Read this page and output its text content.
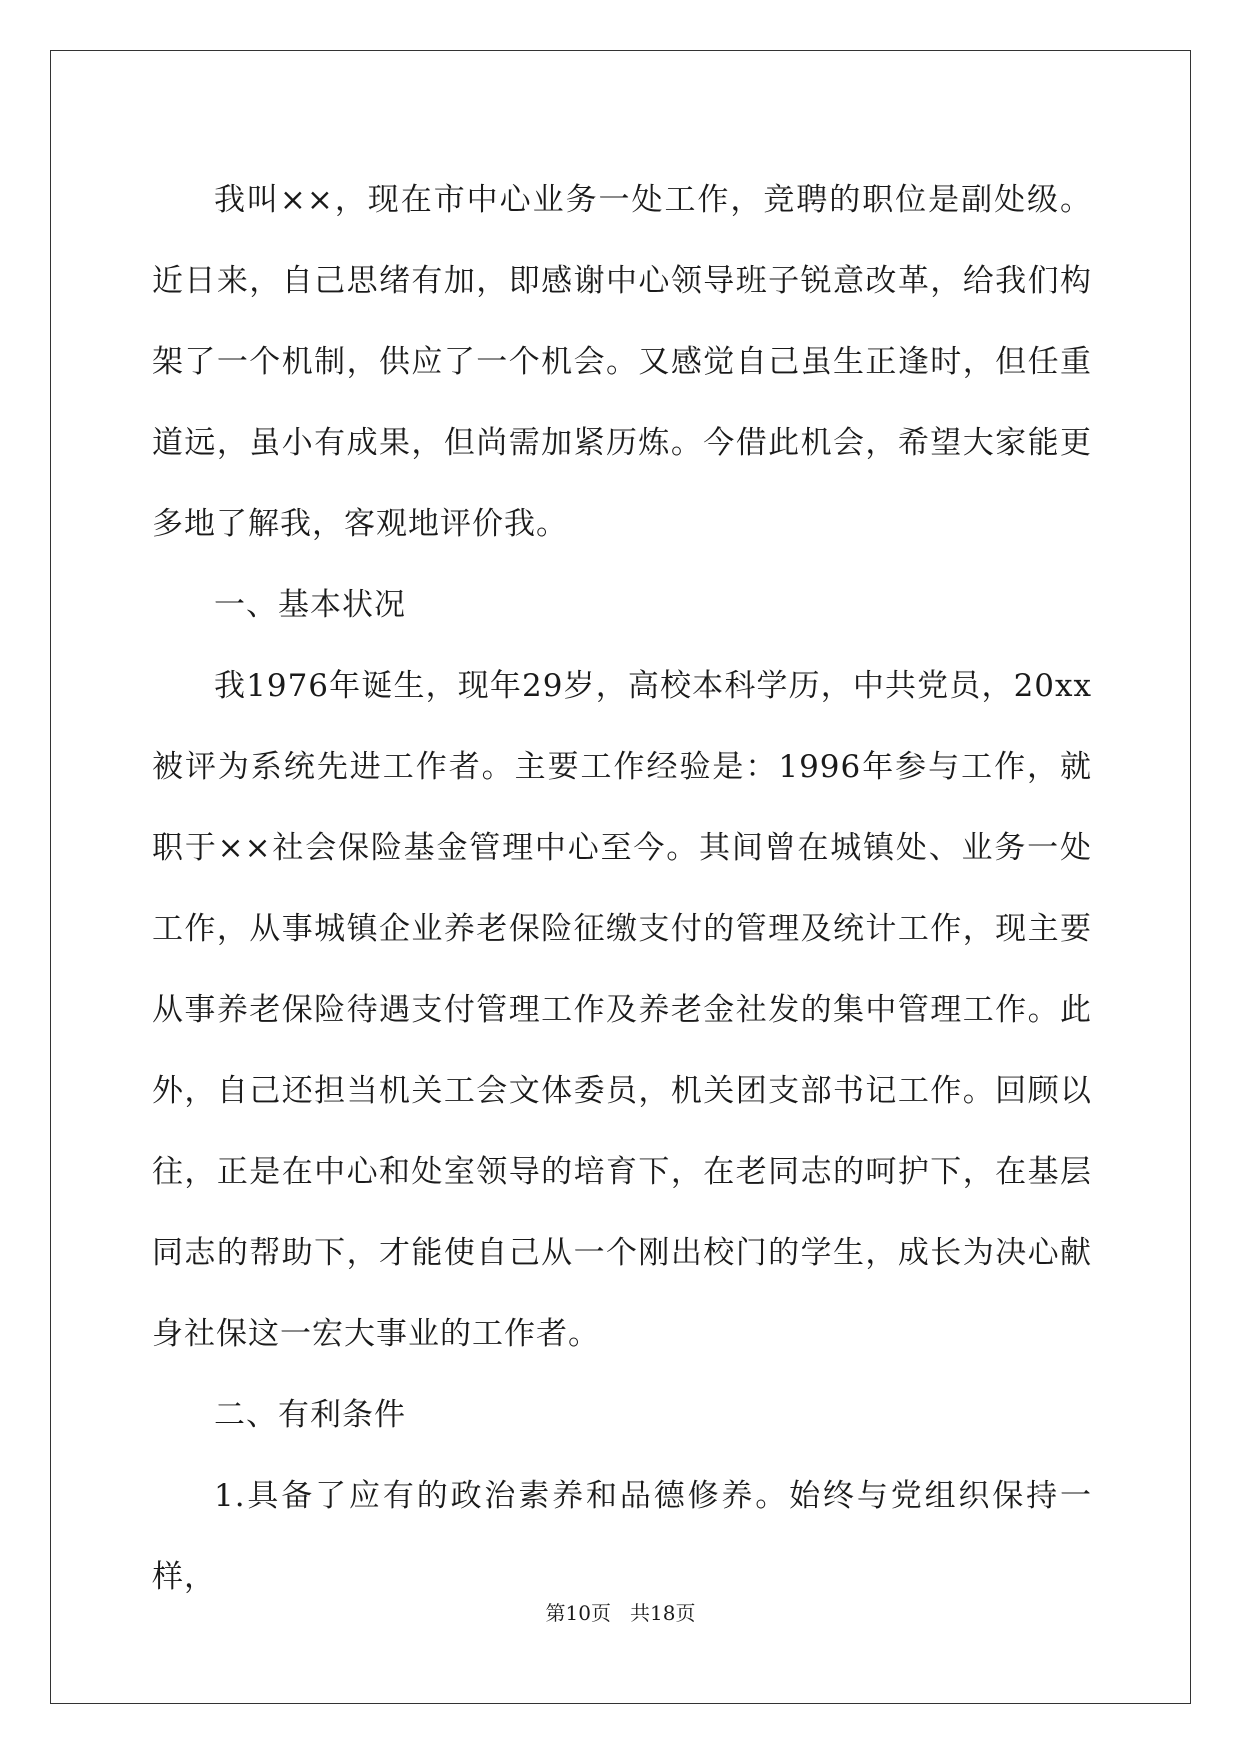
我叫××，现在市中心业务一处工作，竞聘的职位是副处级。近日来，自己思绪有加，即感谢中心领导班子锐意改革，给我们构架了一个机制，供应了一个机会。又感觉自己虽生正逢时，但任重道远，虽小有成果，但尚需加紧历炼。今借此机会，希望大家能更多地了解我，客观地评价我。

一、基本状况

我1976年诞生，现年29岁，高校本科学历，中共党员，20xx被评为系统先进工作者。主要工作经验是：1996年参与工作，就职于××社会保险基金管理中心至今。其间曾在城镇处、业务一处工作，从事城镇企业养老保险征缴支付的管理及统计工作，现主要从事养老保险待遇支付管理工作及养老金社发的集中管理工作。此外，自己还担当机关工会文体委员，机关团支部书记工作。回顾以往，正是在中心和处室领导的培育下，在老同志的呵护下，在基层同志的帮助下，才能使自己从一个刚出校门的学生，成长为决心献身社保这一宏大事业的工作者。

二、有利条件

1.具备了应有的政治素养和品德修养。始终与党组织保持一样，

第10页 共18页
